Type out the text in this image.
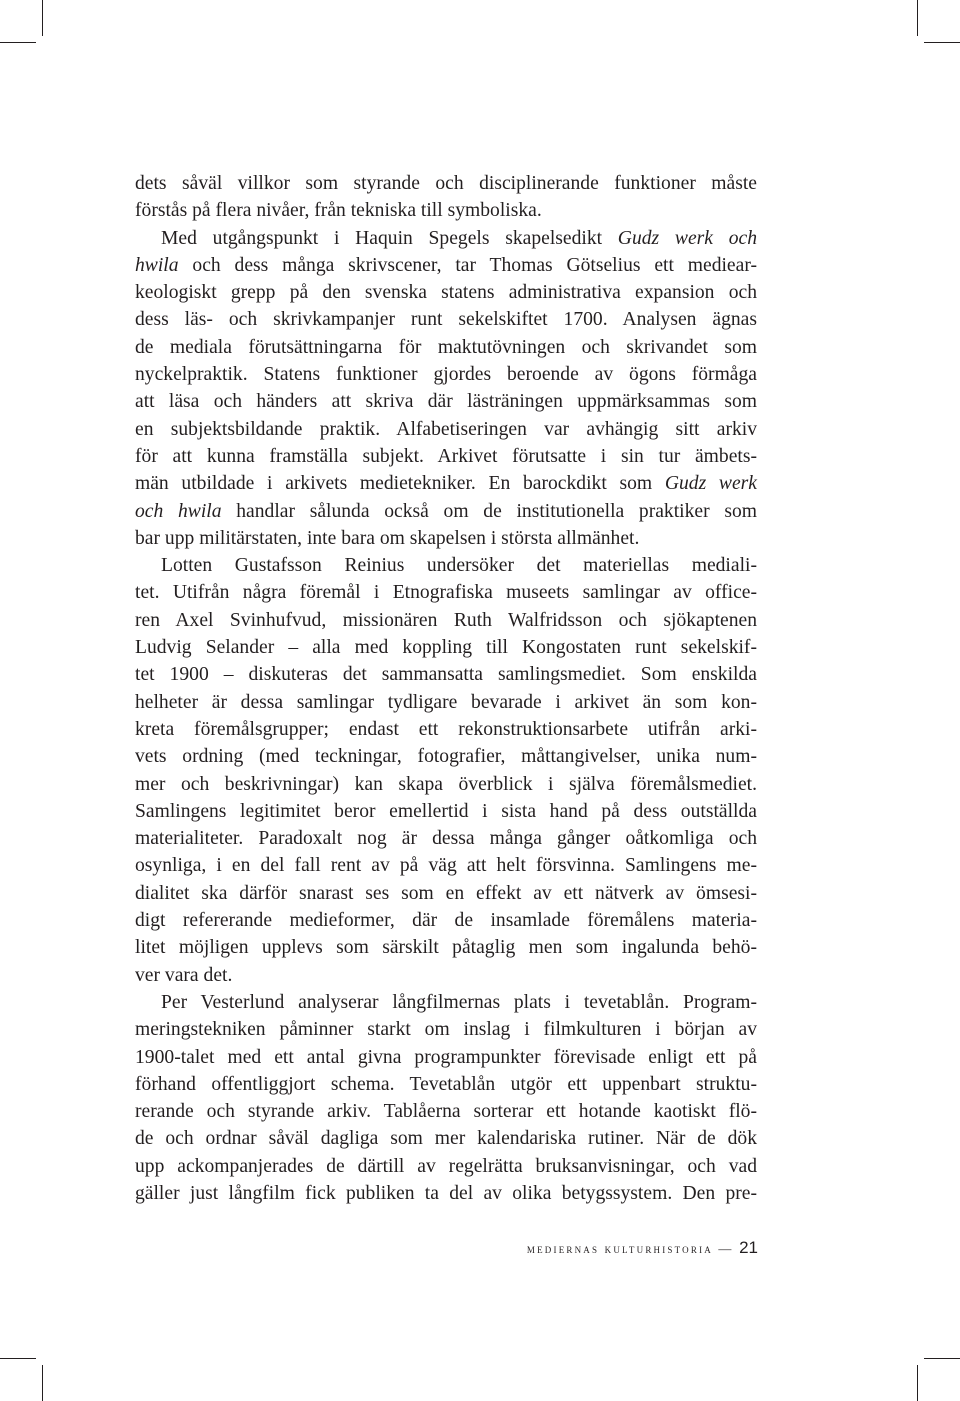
dets såväl villkor som styrande och disciplinerande funktioner måste
förstås på flera nivåer, från tekniska till symboliska.
Med utgångspunkt i Haquin Spegels skapelsedikt Gudz werk och
hwila och dess många skrivscener, tar Thomas Götselius ett mediear-
keologiskt grepp på den svenska statens administrativa expansion och
dess läs- och skrivkampanjer runt sekelskiftet 1700. Analysen ägnas
de mediala förutsättningarna för maktutövningen och skrivandet som
nyckelpraktik. Statens funktioner gjordes beroende av ögons förmåga
att läsa och händers att skriva där lästräningen uppmärksammas som
en subjektsbildande praktik. Alfabetiseringen var avhängig sitt arkiv
för att kunna framställa subjekt. Arkivet förutsatte i sin tur ämbets-
män utbildade i arkivets medietekniker. En barockdikt som Gudz werk
och hwila handlar sålunda också om de institutionella praktiker som
bar upp militärstaten, inte bara om skapelsen i största allmänhet.
Lotten Gustafsson Reinius undersöker det materiellas mediali-
tet. Utifrån några föremål i Etnografiska museets samlingar av office-
ren Axel Svinhufvud, missionären Ruth Walfridsson och sjökaptenen
Ludvig Selander – alla med koppling till Kongostaten runt sekelskif-
tet 1900 – diskuteras det sammansatta samlingsmediet. Som enskilda
helheter är dessa samlingar tydligare bevarade i arkivet än som kon-
kreta föremålsgrupper; endast ett rekonstruktionsarbete utifrån arki-
vets ordning (med teckningar, fotografier, måttangivelser, unika num-
mer och beskrivningar) kan skapa överblick i själva föremålsmediet.
Samlingens legitimitet beror emellertid i sista hand på dess outställda
materialiteter. Paradoxalt nog är dessa många gånger oåtkomliga och
osynliga, i en del fall rent av på väg att helt försvinna. Samlingens me-
dialitet ska därför snarast ses som en effekt av ett nätverk av ömsesi-
digt refererande medieformer, där de insamlade föremålens materia-
litet möjligen upplevs som särskilt påtaglig men som ingalunda behö-
ver vara det.
Per Vesterlund analyserar långfilmernas plats i tevetablån. Program-
meringstekniken påminner starkt om inslag i filmkulturen i början av
1900-talet med ett antal givna programpunkter förevisade enligt ett på
förhand offentliggjort schema. Tevetablån utgör ett uppenbart struktu-
rerande och styrande arkiv. Tablåerna sorterar ett hotande kaotiskt flö-
de och ordnar såväl dagliga som mer kalendariska rutiner. När de dök
upp ackompanjerades de därtill av regelrätta bruksanvisningar, och vad
gäller just långfilm fick publiken ta del av olika betygssystem. Den pre-
mediernas kulturhistoria — 21
